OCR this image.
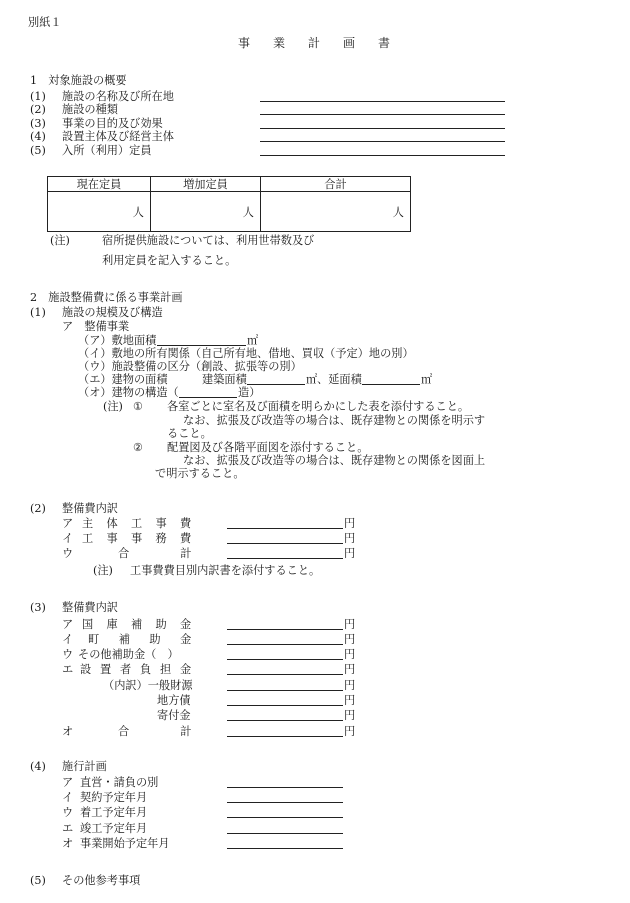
別紙１
事業計画書
1　対象施設の概要
(1) 施設の名称及び所在地
(2) 施設の種類
(3) 事業の目的及び効果
(4) 設置主体及び経営主体
(5) 入所（利用）定員
現在定員	増加定員	合計
人	人	人
(注)	宿所提供施設については、利用世帯数及び
利用定員を記入すること。
2　施設整備費に係る事業計画
(1) 施設の規模及び構造
ア　整備事業
（ア）敷地面積	㎡
（イ）敷地の所有関係（自己所有地、借地、買収（予定）地の別）
（ウ）施設整備の区分（創設、拡張等の別）
（エ）建物の面積	建築面積	㎡ 、延面積	㎡
（オ）建物の構造（	造）
(注) ① 各室ごとに室名及び面積を明らかにした表を添付すること。
なお、拡張及び改造等の場合は、既存建物との関係を明示す
ること。
② 配置図及び各階平面図を添付すること。
なお、拡張及び改造等の場合は、既存建物との関係を図面上
で明示すること。
(2) 整備費内訳
ア 主体工事費	円
イ 工事事務費	円
ウ	合計	円
(注) 工事費費目別内訳書を添付すること。
(3) 整備費内訳
ア 国庫補助金	円
イ 町補助金	円
ウ その他補助金（　）	円
エ 設置者負担金	円
（内訳）一般財源	円
地方債	円
寄付金	円
オ	合計	円
(4) 施行計画
ア 直営・請負の別
イ 契約予定年月
ウ 着工予定年月
エ 竣工予定年月
オ 事業開始予定年月
(5) その他参考事項
